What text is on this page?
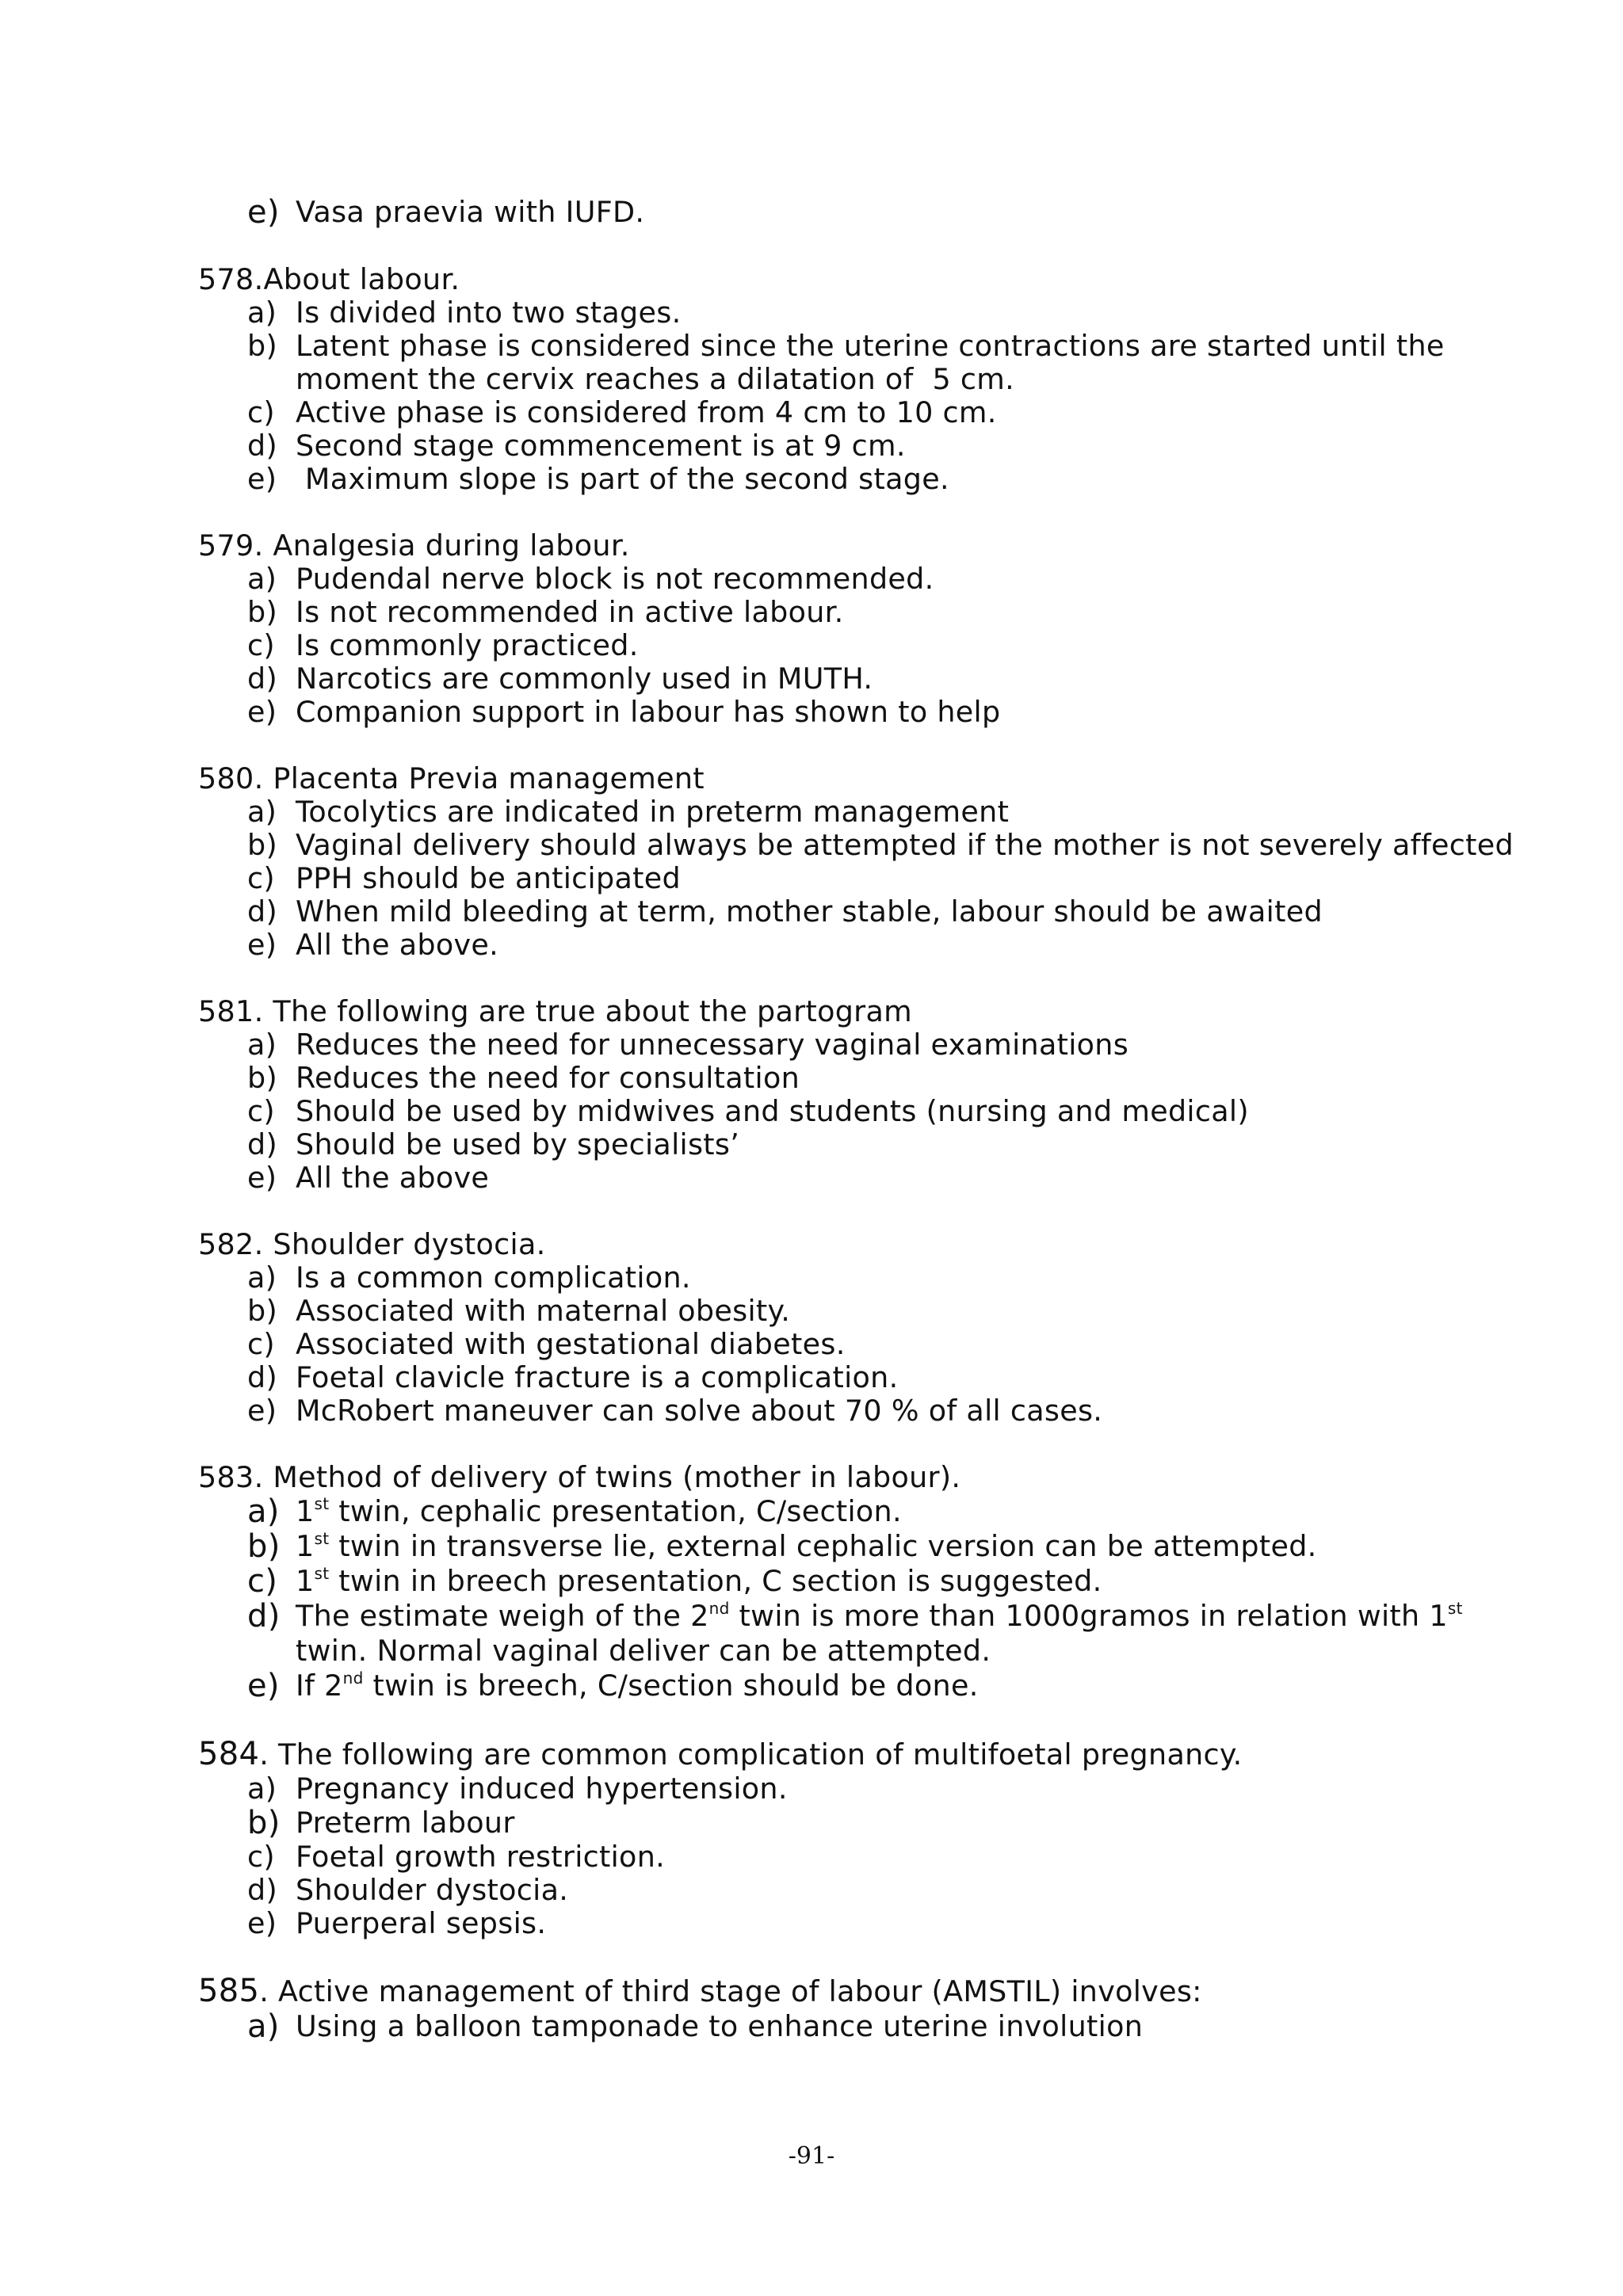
e) Vasa praevia with IUFD.
578.About labour.
a) Is divided into two stages.
b) Latent phase is considered since the uterine contractions are started until the
moment the cervix reaches a dilatation of  5 cm.
c) Active phase is considered from 4 cm to 10 cm.
d) Second stage commencement is at 9 cm.
e) Maximum slope is part of the second stage.
579. Analgesia during labour.
a) Pudendal nerve block is not recommended.
b) Is not recommended in active labour.
c) Is commonly practiced.
d) Narcotics are commonly used in MUTH.
e) Companion support in labour has shown to help
580. Placenta Previa management
a) Tocolytics are indicated in preterm management
b) Vaginal delivery should always be attempted if the mother is not severely affected
c) PPH should be anticipated
d) When mild bleeding at term, mother stable, labour should be awaited
e) All the above.
581. The following are true about the partogram
a) Reduces the need for unnecessary vaginal examinations
b) Reduces the need for consultation
c) Should be used by midwives and students (nursing and medical)
d) Should be used by specialists’
e) All the above
582. Shoulder dystocia.
a) Is a common complication.
b) Associated with maternal obesity.
c) Associated with gestational diabetes.
d) Foetal clavicle fracture is a complication.
e) McRobert maneuver can solve about 70 % of all cases.
583. Method of delivery of twins (mother in labour).
a) 1st twin, cephalic presentation, C/section.
b) 1st twin in transverse lie, external cephalic version can be attempted.
c) 1st twin in breech presentation, C section is suggested.
d) The estimate weigh of the 2nd twin is more than 1000gramos in relation with 1st
twin. Normal vaginal deliver can be attempted.
e) If 2nd twin is breech, C/section should be done.
584. The following are common complication of multifoetal pregnancy.
a) Pregnancy induced hypertension.
b) Preterm labour
c) Foetal growth restriction.
d) Shoulder dystocia.
e) Puerperal sepsis.
585. Active management of third stage of labour (AMSTIL) involves:
a) Using a balloon tamponade to enhance uterine involution
-91-
